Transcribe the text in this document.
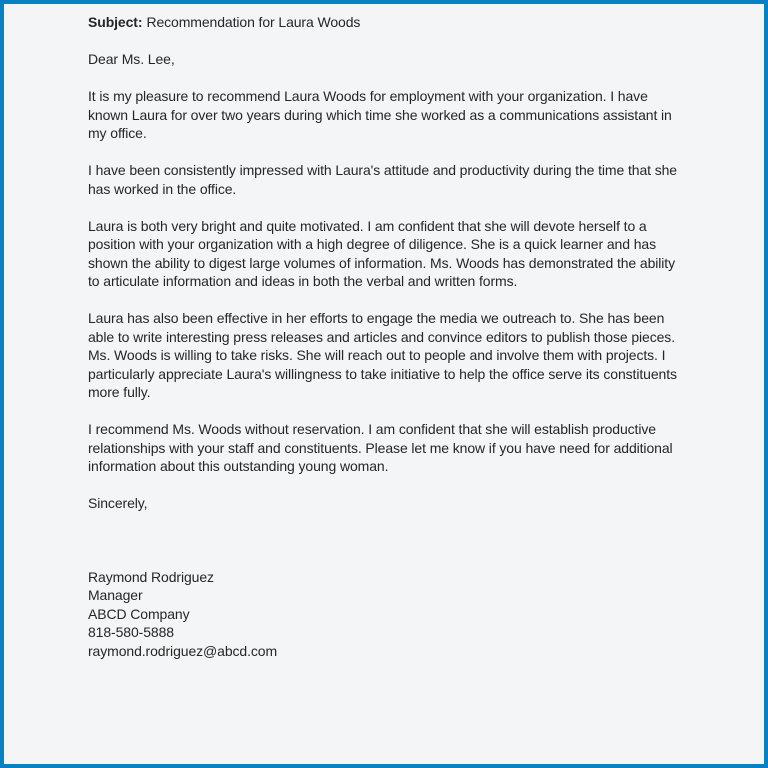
Subject: Recommendation for Laura Woods

Dear Ms. Lee,

It is my pleasure to recommend Laura Woods for employment with your organization. I have known Laura for over two years during which time she worked as a communications assistant in my office.

I have been consistently impressed with Laura's attitude and productivity during the time that she has worked in the office.

Laura is both very bright and quite motivated. I am confident that she will devote herself to a position with your organization with a high degree of diligence. She is a quick learner and has shown the ability to digest large volumes of information. Ms. Woods has demonstrated the ability to articulate information and ideas in both the verbal and written forms.

Laura has also been effective in her efforts to engage the media we outreach to. She has been able to write interesting press releases and articles and convince editors to publish those pieces. Ms. Woods is willing to take risks. She will reach out to people and involve them with projects. I particularly appreciate Laura's willingness to take initiative to help the office serve its constituents more fully.

I recommend Ms. Woods without reservation. I am confident that she will establish productive relationships with your staff and constituents. Please let me know if you have need for additional information about this outstanding young woman.

Sincerely,

Raymond Rodriguez
Manager
ABCD Company
818-580-5888
raymond.rodriguez@abcd.com
